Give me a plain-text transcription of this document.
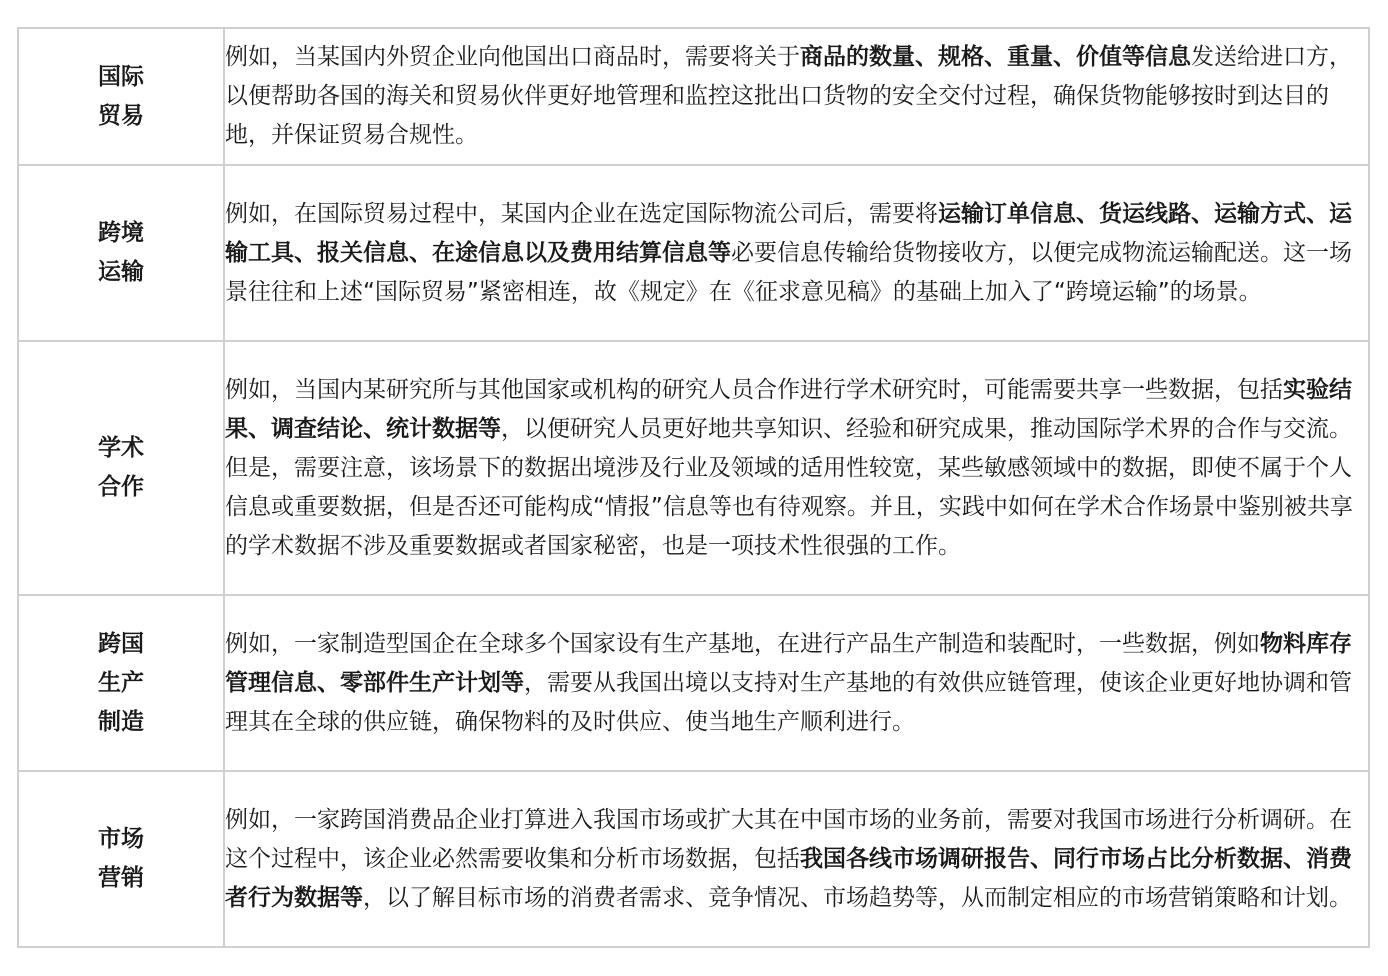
国际
贸易	例如，当某国内外贸企业向他国出口商品时，需要将关于商品的数量、规格、重量、价值等信息发送给进口方，以便帮助各国的海关和贸易伙伴更好地管理和监控这批出口货物的安全交付过程，确保货物能够按时到达目的地，并保证贸易合规性。

跨境
运输	例如，在国际贸易过程中，某国内企业在选定国际物流公司后，需要将运输订单信息、货运线路、运输方式、运输工具、报关信息、在途信息以及费用结算信息等必要信息传输给货物接收方，以便完成物流运输配送。这一场景往往和上述“国际贸易”紧密相连，故《规定》在《征求意见稿》的基础上加入了“跨境运输”的场景。

学术
合作	例如，当国内某研究所与其他国家或机构的研究人员合作进行学术研究时，可能需要共享一些数据，包括实验结果、调查结论、统计数据等，以便研究人员更好地共享知识、经验和研究成果，推动国际学术界的合作与交流。但是，需要注意，该场景下的数据出境涉及行业及领域的适用性较宽，某些敏感领域中的数据，即使不属于个人信息或重要数据，但是否还可能构成“情报”信息等也有待观察。并且，实践中如何在学术合作场景中鉴别被共享的学术数据不涉及重要数据或者国家秘密，也是一项技术性很强的工作。

跨国
生产
制造	例如，一家制造型国企在全球多个国家设有生产基地，在进行产品生产制造和装配时，一些数据，例如物料库存管理信息、零部件生产计划等，需要从我国出境以支持对生产基地的有效供应链管理，使该企业更好地协调和管理其在全球的供应链，确保物料的及时供应、使当地生产顺利进行。

市场
营销	例如，一家跨国消费品企业打算进入我国市场或扩大其在中国市场的业务前，需要对我国市场进行分析调研。在这个过程中，该企业必然需要收集和分析市场数据，包括我国各线市场调研报告、同行市场占比分析数据、消费者行为数据等，以了解目标市场的消费者需求、竞争情况、市场趋势等，从而制定相应的市场营销策略和计划。
